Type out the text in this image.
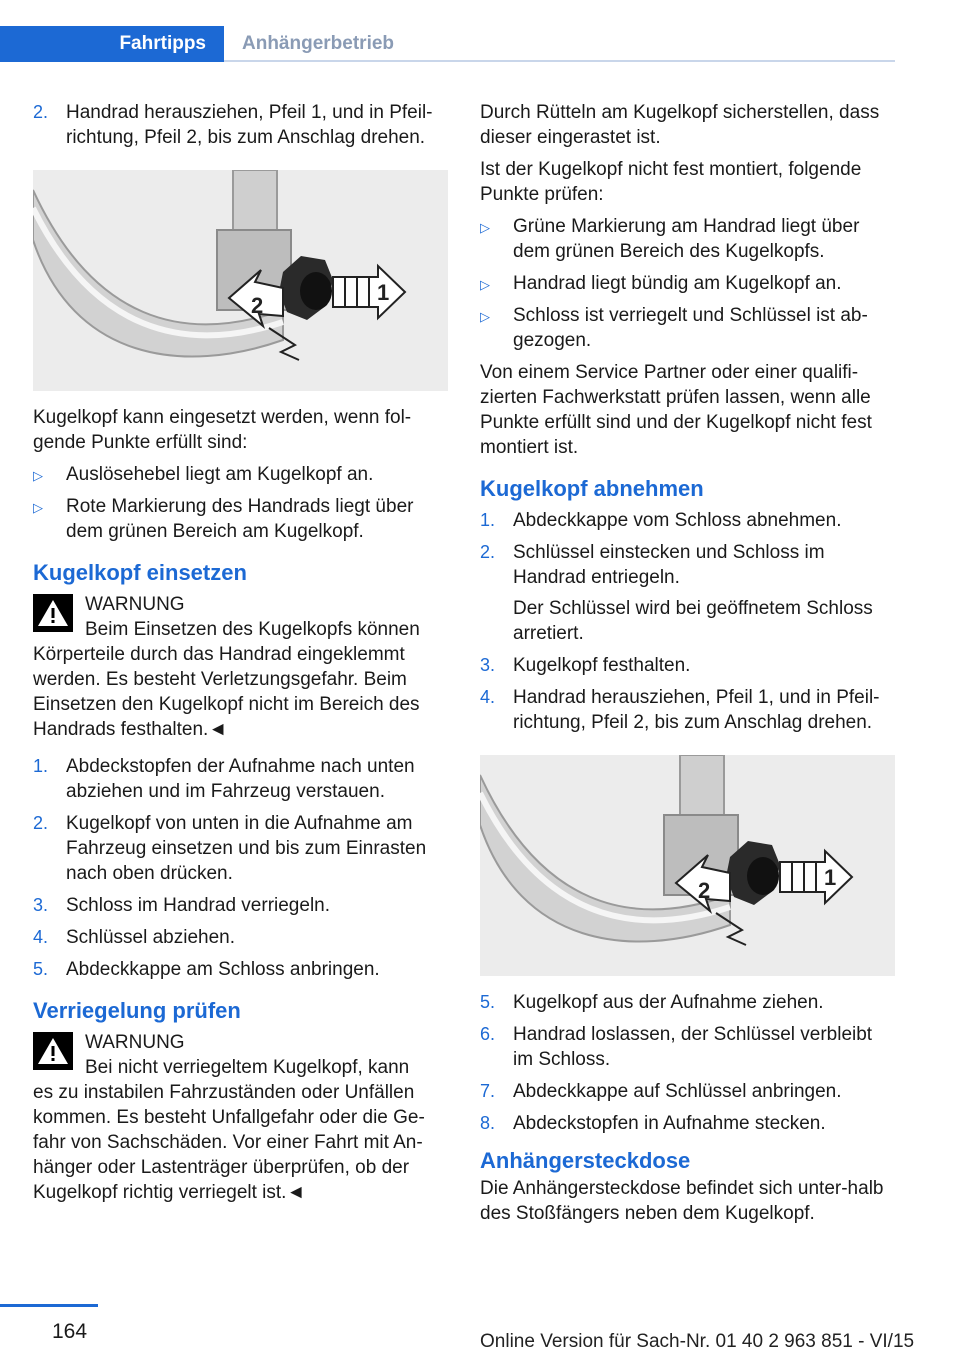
Fahrtipps	Anhängerbetrieb
2. Handrad herausziehen, Pfeil 1, und in Pfeil‐richtung, Pfeil 2, bis zum Anschlag drehen.
2
1

Kugelkopf kann eingesetzt werden, wenn fol‐gende Punkte erfüllt sind:

▷ Auslösehebel liegt am Kugelkopf an.
▷ Rote Markierung des Handrads liegt über dem grünen Bereich am Kugelkopf.
Kugelkopf einsetzen
WARNUNG
Beim Einsetzen des Kugelkopfs können
Körperteile durch das Handrad eingeklemmt werden. Es besteht Verletzungsgefahr. Beim Einsetzen den Kugelkopf nicht im Bereich des Handrads festhalten.◄
1. Abdeckstopfen der Aufnahme nach unten abziehen und im Fahrzeug verstauen.
2. Kugelkopf von unten in die Aufnahme am Fahrzeug einsetzen und bis zum Einrasten nach oben drücken.
3. Schloss im Handrad verriegeln.
4. Schlüssel abziehen.
5. Abdeckkappe am Schloss anbringen.
Verriegelung prüfen
WARNUNG
Bei nicht verriegeltem Kugelkopf, kann
es zu instabilen Fahrzuständen oder Unfällen kommen. Es besteht Unfallgefahr oder die Ge‐fahr von Sachschäden. Vor einer Fahrt mit An‐hänger oder Lastenträger überprüfen, ob der Kugelkopf richtig verriegelt ist.◄

Durch Rütteln am Kugelkopf sicherstellen, dass dieser eingerastet ist.

Ist der Kugelkopf nicht fest montiert, folgende Punkte prüfen:

▷ Grüne Markierung am Handrad liegt über dem grünen Bereich des Kugelkopfs.
▷ Handrad liegt bündig am Kugelkopf an.
▷ Schloss ist verriegelt und Schlüssel ist ab‐gezogen.

Von einem Service Partner oder einer qualifi‐zierten Fachwerkstatt prüfen lassen, wenn alle Punkte erfüllt sind und der Kugelkopf nicht fest montiert ist.

Kugelkopf abnehmen
1. Abdeckkappe vom Schloss abnehmen.
2. Schlüssel einstecken und Schloss im Handrad entriegeln.
Der Schlüssel wird bei geöffnetem Schloss arretiert.
3. Kugelkopf festhalten.
4. Handrad herausziehen, Pfeil 1, und in Pfeil‐richtung, Pfeil 2, bis zum Anschlag drehen.
2
1
5. Kugelkopf aus der Aufnahme ziehen.
6. Handrad loslassen, der Schlüssel verbleibt im Schloss.
7. Abdeckkappe auf Schlüssel anbringen.
8. Abdeckstopfen in Aufnahme stecken.
Anhängersteckdose

Die Anhängersteckdose befindet sich unter‐halb des Stoßfängers neben dem Kugelkopf.

164	Online Version für Sach-Nr. 01 40 2 963 851 - VI/15
